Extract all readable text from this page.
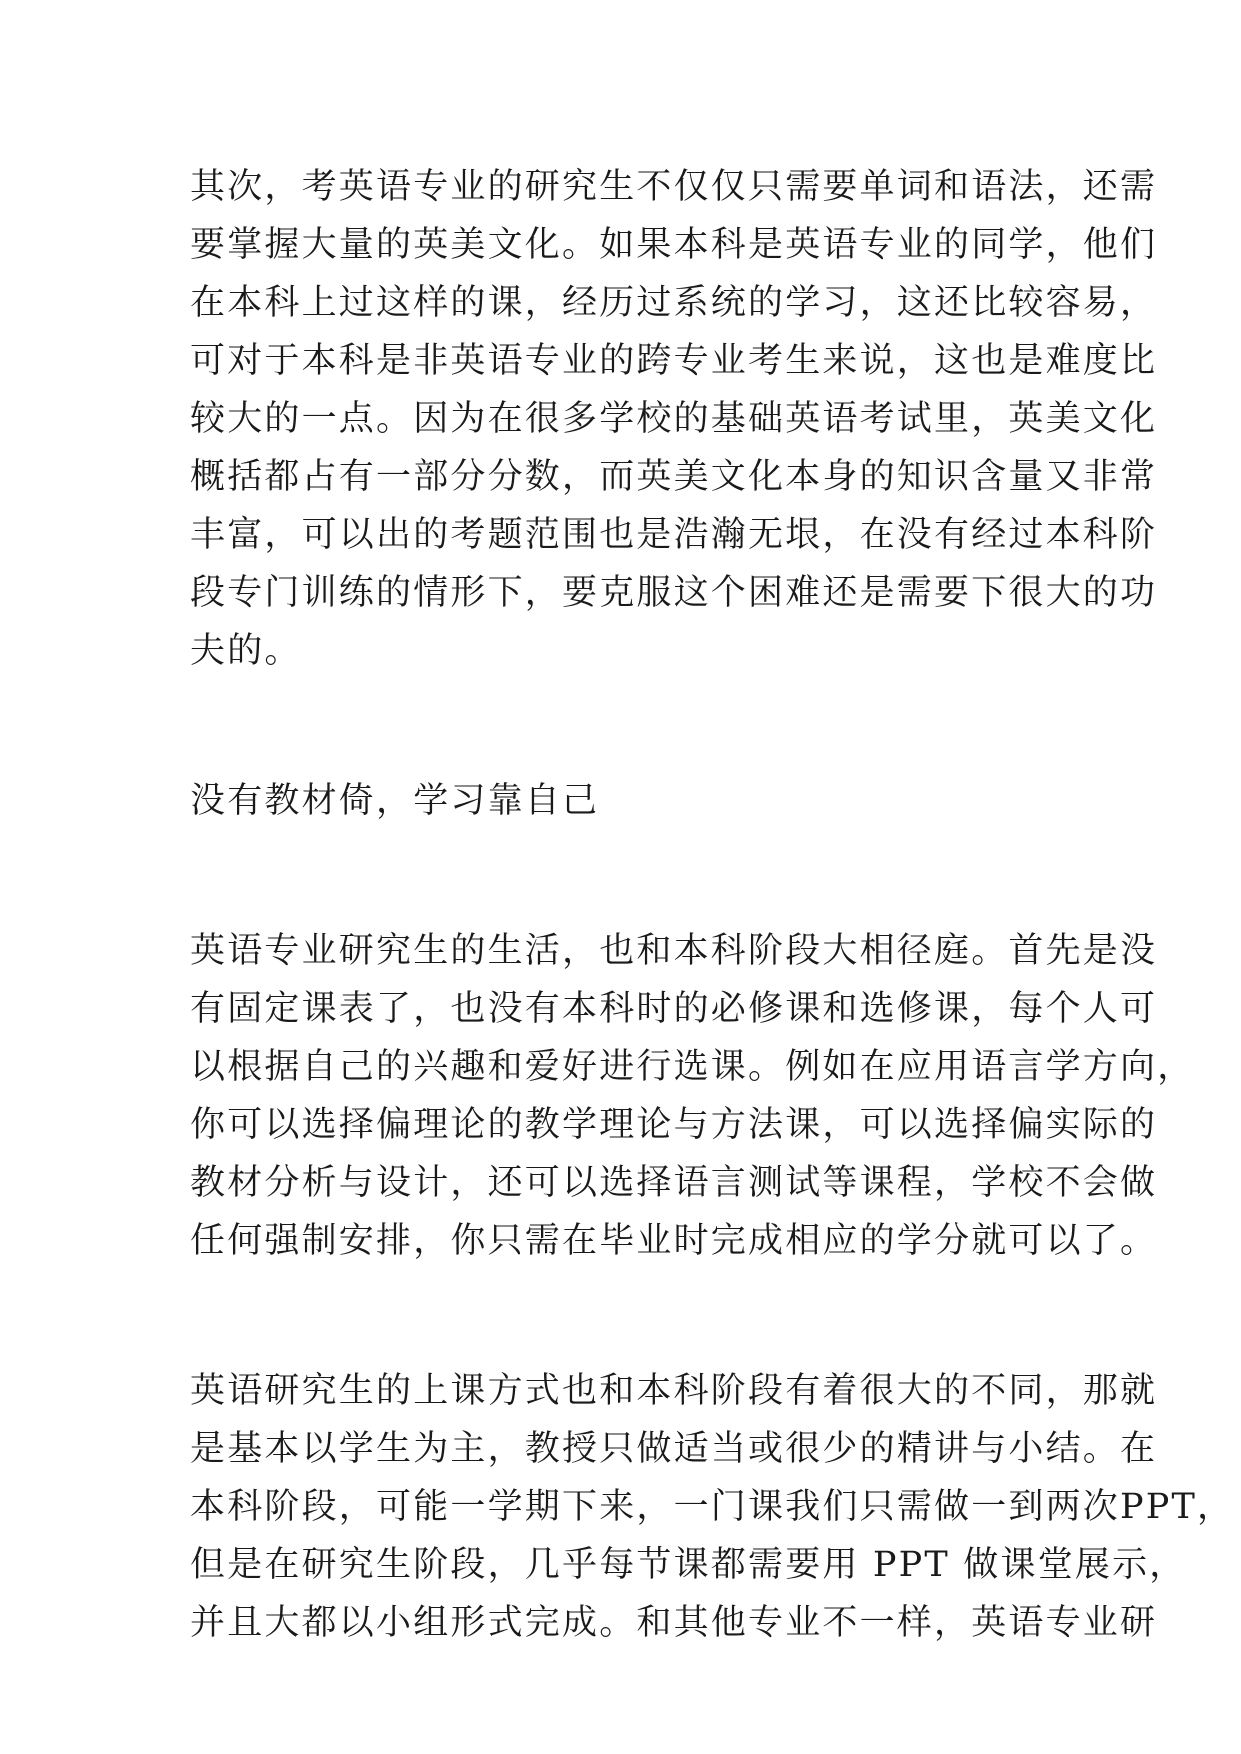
其次，考英语专业的研究生不仅仅只需要单词和语法，还需
要掌握大量的英美文化。如果本科是英语专业的同学，他们
在本科上过这样的课，经历过系统的学习，这还比较容易，
可对于本科是非英语专业的跨专业考生来说，这也是难度比
较大的一点。因为在很多学校的基础英语考试里，英美文化
概括都占有一部分分数，而英美文化本身的知识含量又非常
丰富，可以出的考题范围也是浩瀚无垠，在没有经过本科阶
段专门训练的情形下，要克服这个困难还是需要下很大的功
夫的。
没有教材倚，学习靠自己
英语专业研究生的生活，也和本科阶段大相径庭。首先是没
有固定课表了，也没有本科时的必修课和选修课，每个人可
以根据自己的兴趣和爱好进行选课。例如在应用语言学方向，
你可以选择偏理论的教学理论与方法课，可以选择偏实际的
教材分析与设计，还可以选择语言测试等课程，学校不会做
任何强制安排，你只需在毕业时完成相应的学分就可以了。
英语研究生的上课方式也和本科阶段有着很大的不同，那就
是基本以学生为主，教授只做适当或很少的精讲与小结。在
本科阶段，可能一学期下来，一门课我们只需做一到两次PPT，
但是在研究生阶段，几乎每节课都需要用 PPT 做课堂展示，
并且大都以小组形式完成。和其他专业不一样，英语专业研
